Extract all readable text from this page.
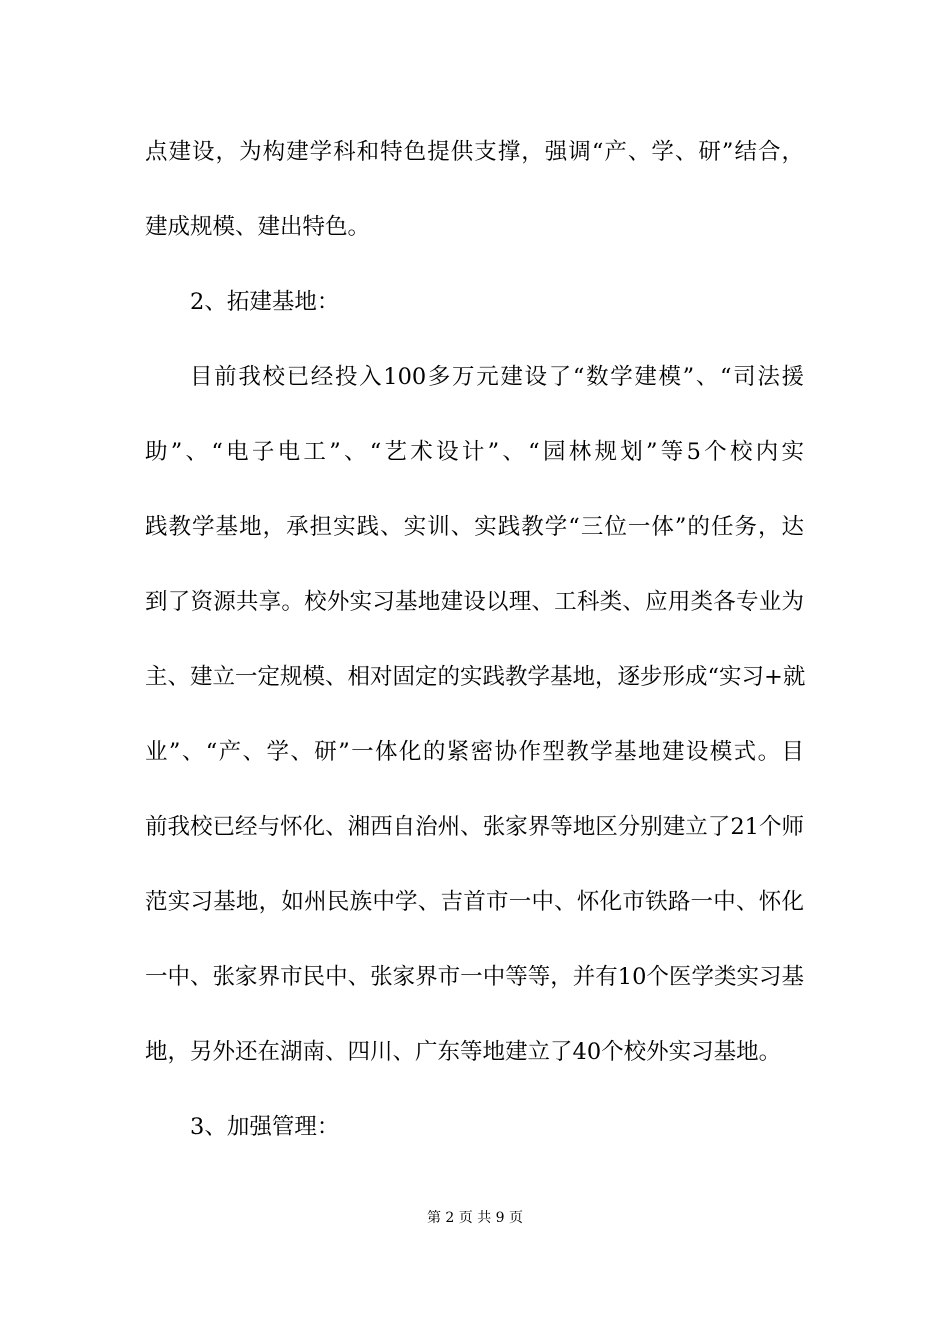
点建设，为构建学科和特色提供支撑，强调“产、学、研”结合，
建成规模、建出特色。
2、拓建基地：
目前我校已经投入100多万元建设了“数学建模”、“司法援
助”、“电子电工”、“艺术设计”、“园林规划”等5个校内实
践教学基地，承担实践、实训、实践教学“三位一体”的任务，达
到了资源共享。校外实习基地建设以理、工科类、应用类各专业为
主、建立一定规模、相对固定的实践教学基地，逐步形成“实习+就
业”、“产、学、研”一体化的紧密协作型教学基地建设模式。目
前我校已经与怀化、湘西自治州、张家界等地区分别建立了21个师
范实习基地，如州民族中学、吉首市一中、怀化市铁路一中、怀化
一中、张家界市民中、张家界市一中等等，并有10个医学类实习基
地，另外还在湖南、四川、广东等地建立了40个校外实习基地。
3、加强管理：
第 2 页 共 9 页
